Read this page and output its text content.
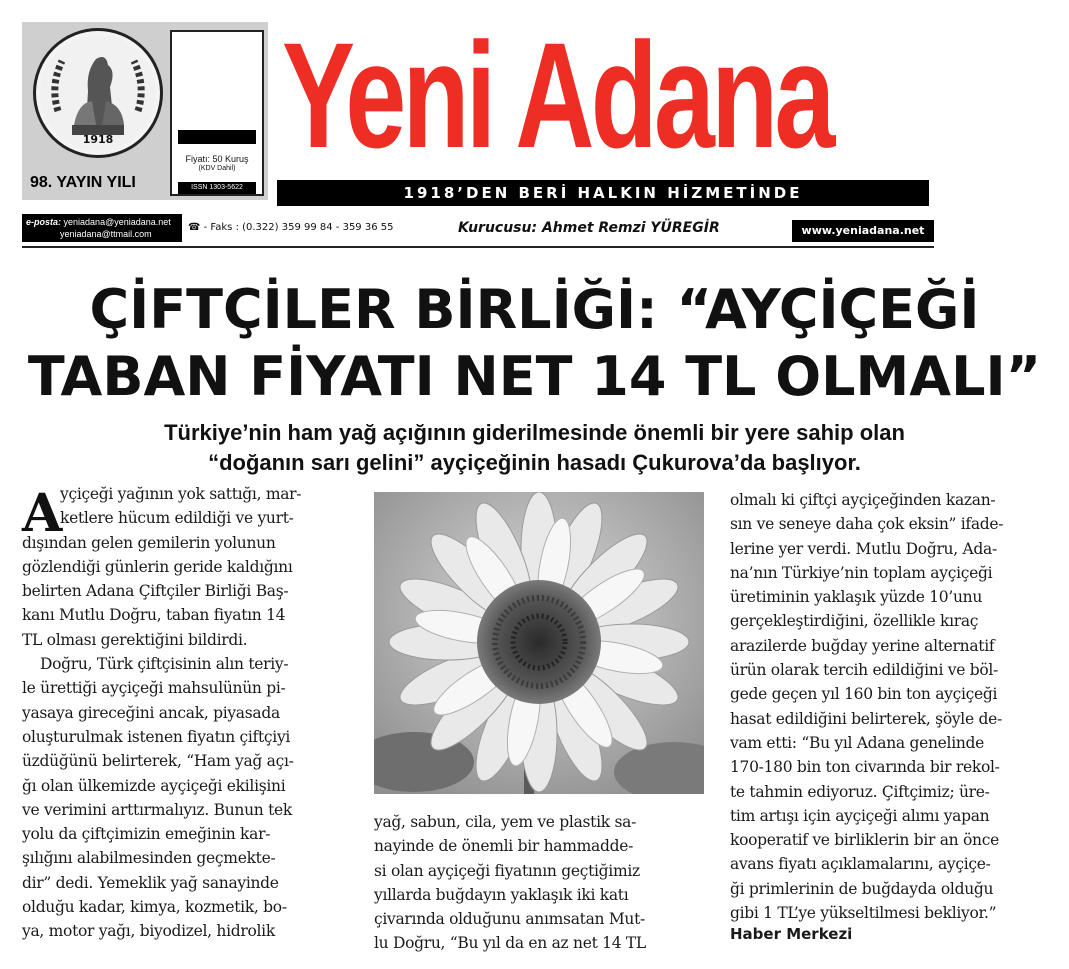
1918
98. YAYIN YILI
Fiyatı: 50 Kuruş
(KDV Dahil)
ISSN 1303-5622
Yeni Adana
1918’DEN BERİ HALKIN HİZMETİNDE
e-posta: yeniadana@yeniadana.net
yeniadana@ttmail.com
☎ - Faks : (0.322) 359 99 84 - 359 36 55	Kurucusu: Ahmet Remzi YÜREGİR	www.yeniadana.net
ÇİFTÇİLER BİRLİĞİ: “AYÇİÇEĞİ
TABAN FİYATI NET 14 TL OLMALI”
Türkiye’nin ham yağ açığının giderilmesinde önemli bir yere sahip olan
“doğanın sarı gelini” ayçiçeğinin hasadı Çukurova’da başlıyor.
A
yçiçeği yağının yok sattığı, mar-
ketlere hücum edildiği ve yurt-
dışından gelen gemilerin yolunun
gözlendiği günlerin geride kaldığını
belirten Adana Çiftçiler Birliği Baş-
kanı Mutlu Doğru, taban fiyatın 14
TL olması gerektiğini bildirdi.
Doğru, Türk çiftçisinin alın teriy-
le ürettiği ayçiçeği mahsulünün pi-
yasaya gireceğini ancak, piyasada
oluşturulmak istenen fiyatın çiftçiyi
üzdüğünü belirterek, “Ham yağ açı-
ğı olan ülkemizde ayçiçeği ekilişini
ve verimini arttırmalıyız. Bunun tek
yolu da çiftçimizin emeğinin kar-
şılığını alabilmesinden geçmekte-
dir” dedi. Yemeklik yağ sanayinde
olduğu kadar, kimya, kozmetik, bo-
ya, motor yağı, biyodizel, hidrolik
yağ, sabun, cila, yem ve plastik sa-
nayinde de önemli bir hammadde-
si olan ayçiçeği fiyatının geçtiğimiz
yıllarda buğdayın yaklaşık iki katı
çivarında olduğunu anımsatan Mut-
lu Doğru, “Bu yıl da en az net 14 TL
olmalı ki çiftçi ayçiçeğinden kazan-
sın ve seneye daha çok eksin” ifade-
lerine yer verdi. Mutlu Doğru, Ada-
na’nın Türkiye’nin toplam ayçiçeği
üretiminin yaklaşık yüzde 10’unu
gerçekleştirdiğini, özellikle kıraç
arazilerde buğday yerine alternatif
ürün olarak tercih edildiğini ve böl-
gede geçen yıl 160 bin ton ayçiçeği
hasat edildiğini belirterek, şöyle de-
vam etti: “Bu yıl Adana genelinde
170-180 bin ton civarında bir rekol-
te tahmin ediyoruz. Çiftçimiz; üre-
tim artışı için ayçiçeği alımı yapan
kooperatif ve birliklerin bir an önce
avans fiyatı açıklamalarını, ayçiçe-
ği primlerinin de buğdayda olduğu
gibi 1 TL’ye yükseltilmesi bekliyor.”
Haber Merkezi
